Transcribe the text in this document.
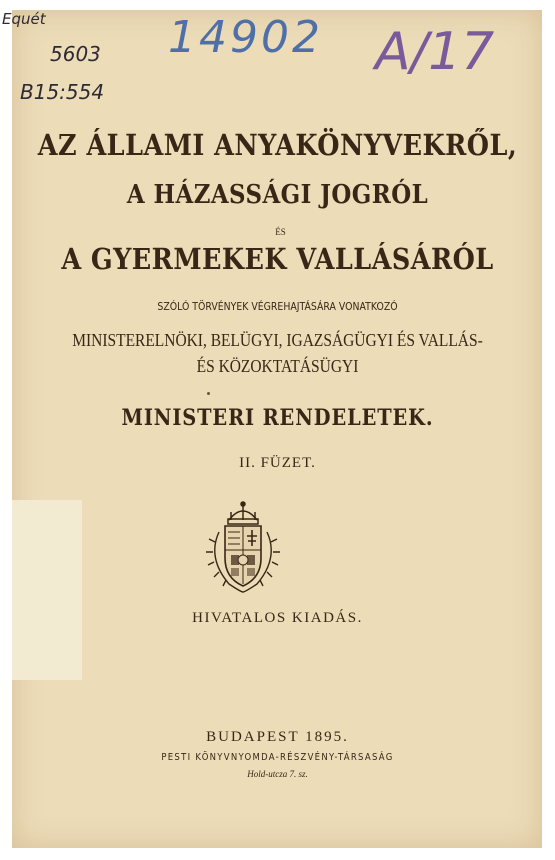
Equét
5603
B15:554
14902 A/17
AZ ÁLLAMI ANYAKÖNYVEKRŐL,
A HÁZASSÁGI JOGRÓL
ÉS
A GYERMEKEK VALLÁSÁRÓL
SZÓLÓ TÖRVÉNYEK VÉGREHAJTÁSÁRA VONATKOZÓ
MINISTERELNÖKI, BELÜGYI, IGAZSÁGÜGYI ÉS VALLÁS-
ÉS KÖZOKTATÁSÜGYI
MINISTERI RENDELETEK.
II. FÜZET.
HIVATALOS KIADÁS.
BUDAPEST 1895.
PESTI KÖNYVNYOMDA-RÉSZVÉNY-TÁRSASÁG
Hold-utcza 7. sz.
